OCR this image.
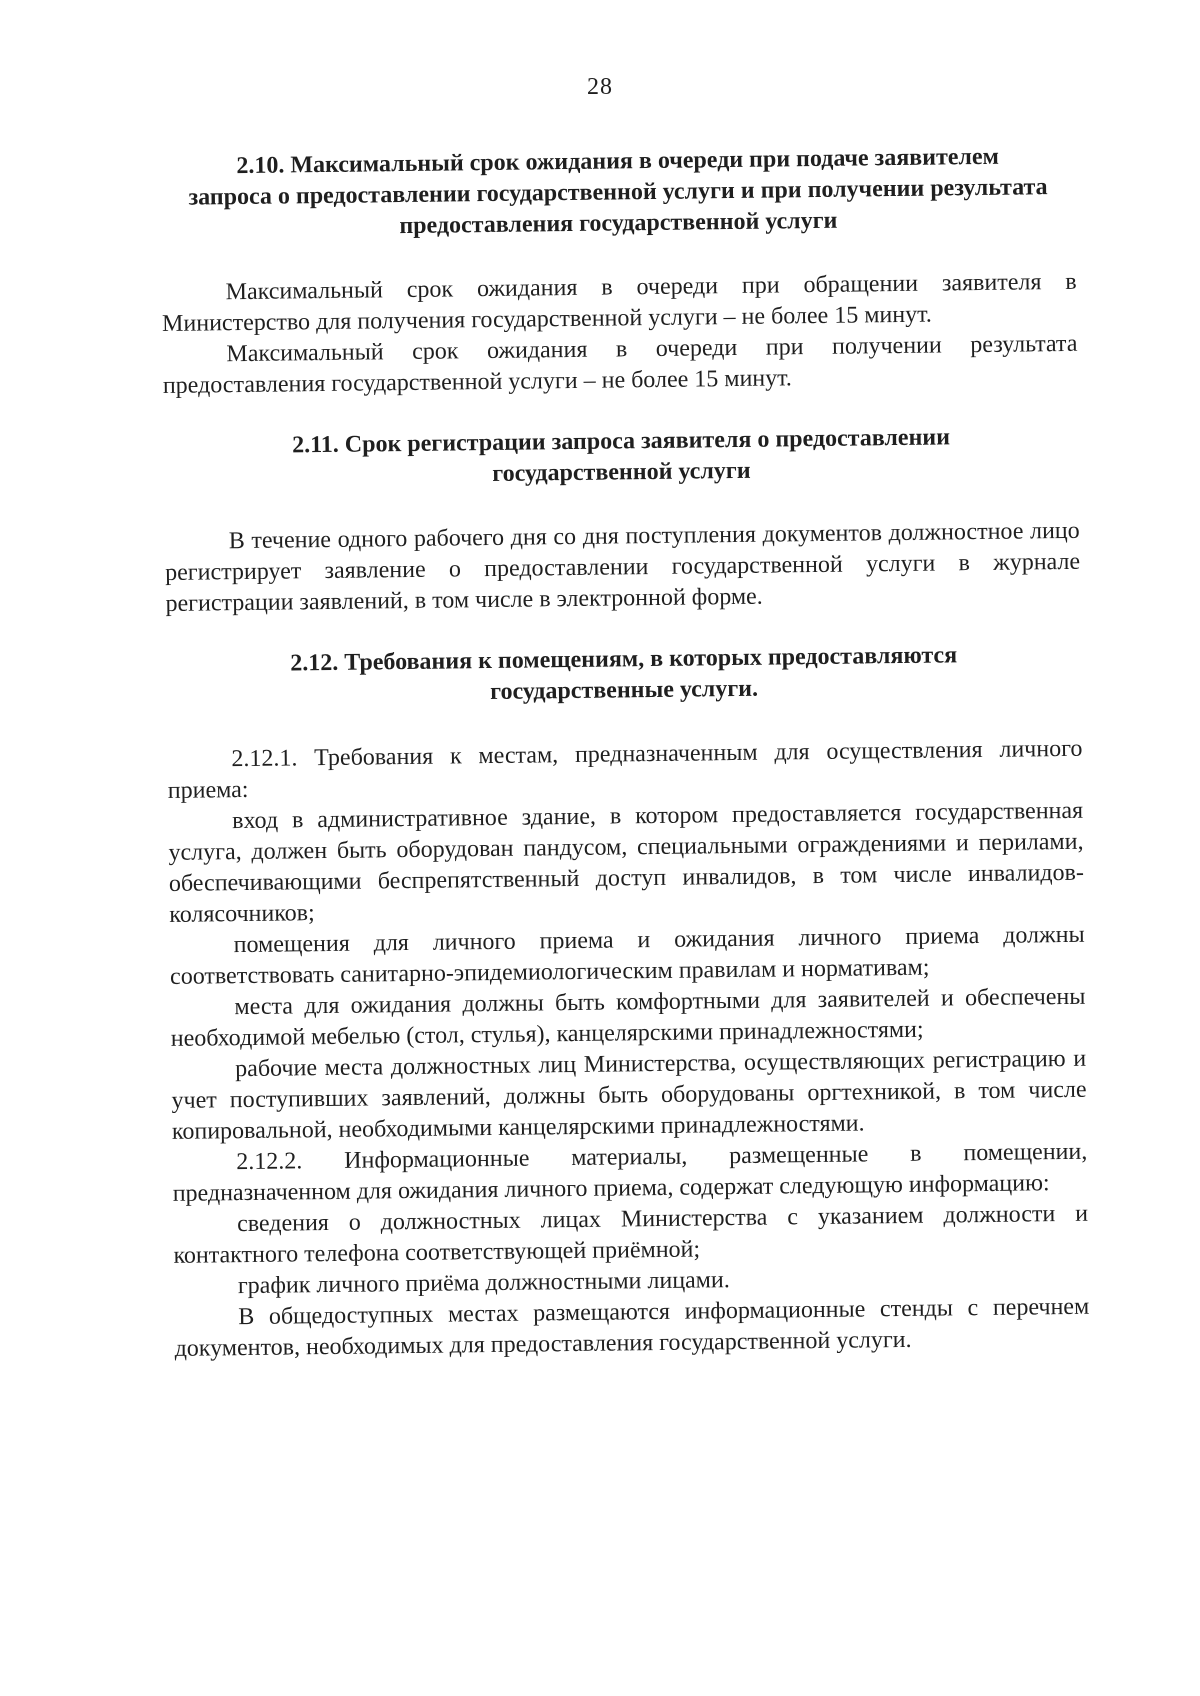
28
2.10. Максимальный срок ожидания в очереди при подаче заявителем
запроса о предоставлении государственной услуги и при получении результата
предоставления государственной услуги

Максимальный срок ожидания в очереди при обращении заявителя в Министерство для получения государственной услуги – не более 15 минут.

Максимальный срок ожидания в очереди при получении результата предоставления государственной услуги – не более 15 минут.

2.11. Срок регистрации запроса заявителя о предоставлении
государственной услуги

В течение одного рабочего дня со дня поступления документов должностное лицо регистрирует заявление о предоставлении государственной услуги в журнале регистрации заявлений, в том числе в электронной форме.

2.12. Требования к помещениям, в которых предоставляются
государственные услуги.

2.12.1. Требования к местам, предназначенным для осуществления личного приема:

вход в административное здание, в котором предоставляется государственная услуга, должен быть оборудован пандусом, специальными ограждениями и перилами, обеспечивающими беспрепятственный доступ инвалидов, в том числе инвалидов-колясочников;

помещения для личного приема и ожидания личного приема должны соответствовать санитарно-эпидемиологическим правилам и нормативам;

места для ожидания должны быть комфортными для заявителей и обеспечены необходимой мебелью (стол, стулья), канцелярскими принадлежностями;

рабочие места должностных лиц Министерства, осуществляющих регистрацию и учет поступивших заявлений, должны быть оборудованы оргтехникой, в том числе копировальной, необходимыми канцелярскими принадлежностями.

2.12.2. Информационные материалы, размещенные в помещении, предназначенном для ожидания личного приема, содержат следующую информацию:

сведения о должностных лицах Министерства с указанием должности и контактного телефона соответствующей приёмной;

график личного приёма должностными лицами.

В общедоступных местах размещаются информационные стенды с перечнем документов, необходимых для предоставления государственной услуги.
